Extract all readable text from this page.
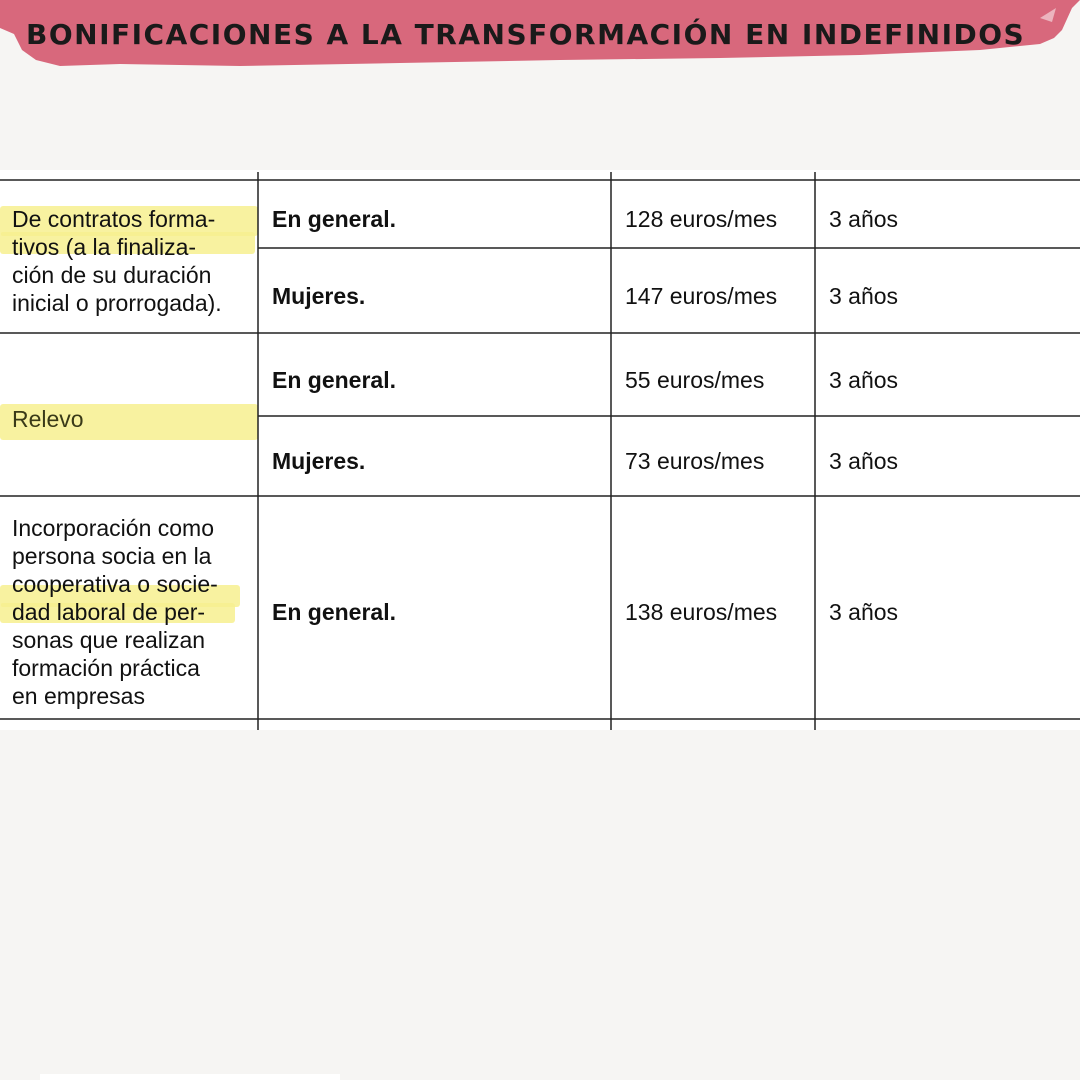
BONIFICACIONES A LA TRANSFORMACIÓN EN INDEFINIDOS
De contratos forma-
tivos (a la finaliza-
ción de su duración
inicial o prorrogada).
En general.	128 euros/mes 3 años
Mujeres.	147 euros/mes 3 años
Relevo
En general.	55 euros/mes	3 años
Mujeres.	73 euros/mes	3 años
Incorporación como
persona socia en la
cooperativa o socie-
dad laboral de per-
sonas que realizan
formación práctica
en empresas
En general.	138 euros/mes 3 años
